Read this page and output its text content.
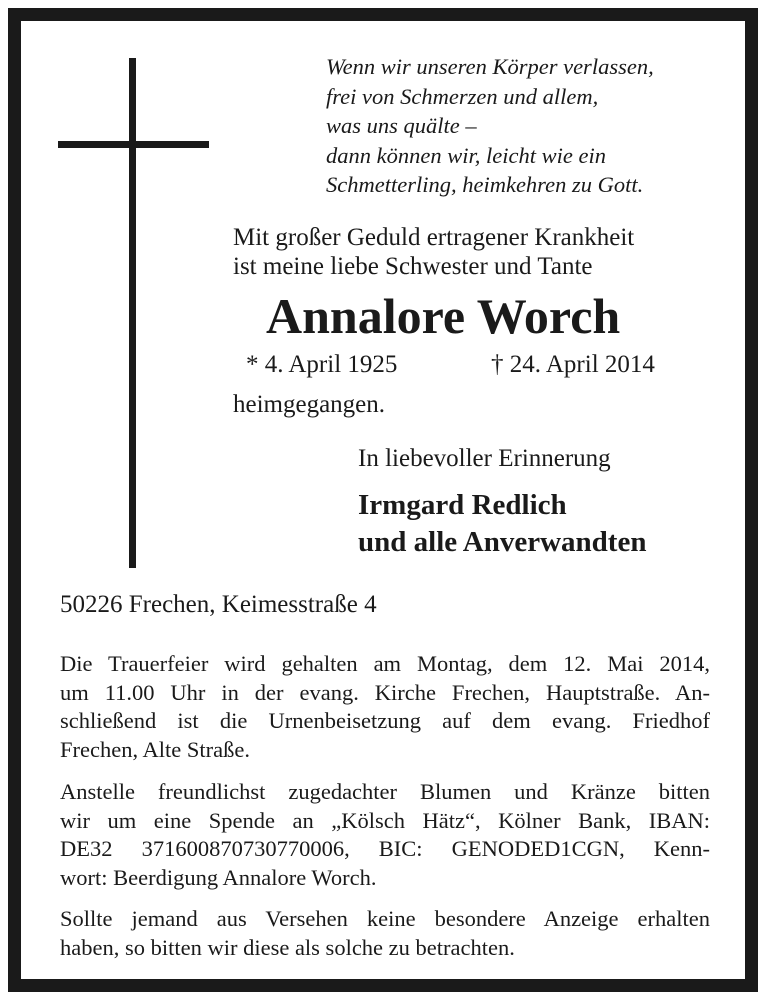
Wenn wir unseren Körper verlassen,
frei von Schmerzen und allem,
was uns quälte –
dann können wir, leicht wie ein
Schmetterling, heimkehren zu Gott.
Mit großer Geduld ertragener Krankheit
ist meine liebe Schwester und Tante
Annalore Worch
* 4. April 1925	† 24. April 2014
heimgegangen.
In liebevoller Erinnerung
Irmgard Redlich
und alle Anverwandten
50226 Frechen, Keimesstraße 4
Die Trauerfeier wird gehalten am Montag, dem 12. Mai 2014,
um 11.00 Uhr in der evang. Kirche Frechen, Hauptstraße. An-
schließend ist die Urnenbeisetzung auf dem evang. Friedhof
Frechen, Alte Straße.
Anstelle freundlichst zugedachter Blumen und Kränze bitten
wir um eine Spende an „Kölsch Hätz“, Kölner Bank, IBAN:
DE32 371600870730770006, BIC: GENODED1CGN, Kenn-
wort: Beerdigung Annalore Worch.
Sollte jemand aus Versehen keine besondere Anzeige erhalten
haben, so bitten wir diese als solche zu betrachten.
